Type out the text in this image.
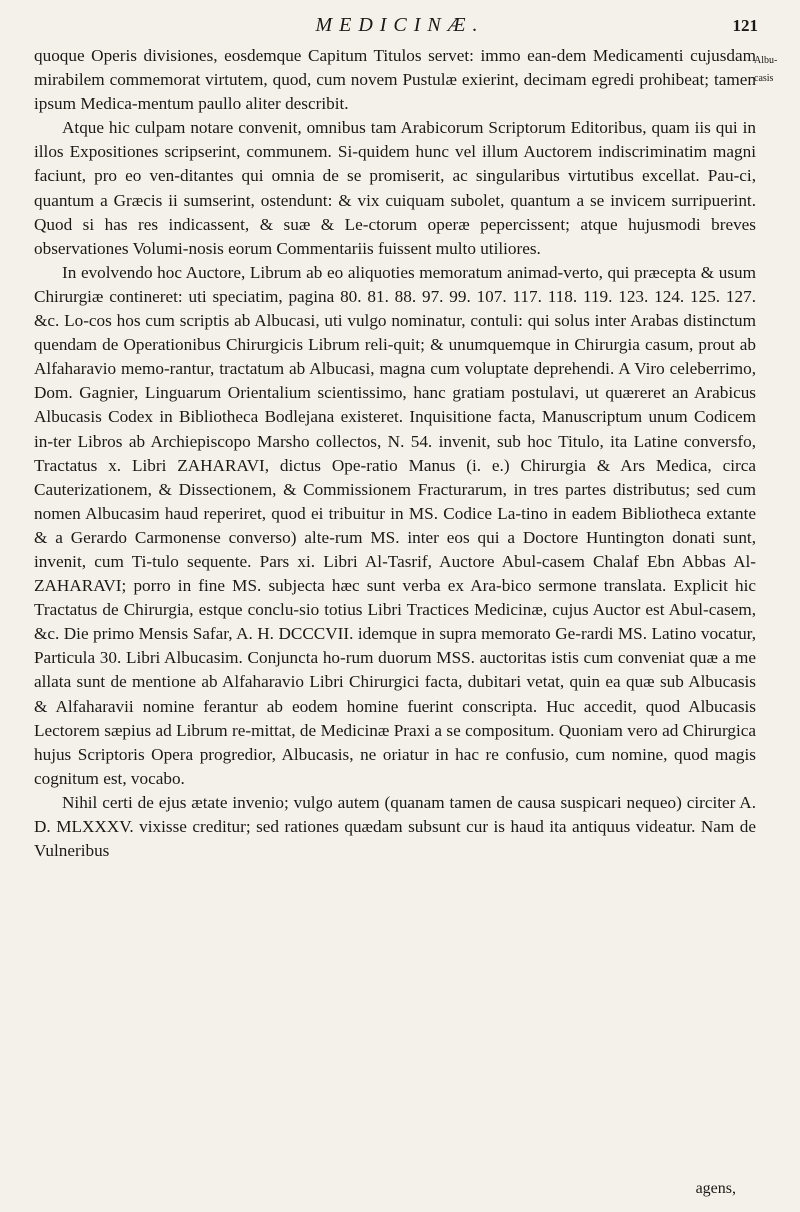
MEDICINÆ.	121
Albu-casis

quoque Operis divisiones, eosdemque Capitum Titulos servet: immo ean-dem Medicamenti cujusdam mirabilem commemorat virtutem, quod, cum novem Pustulæ exierint, decimam egredi prohibeat; tamen ipsum Medica-mentum paullo aliter describit.

Atque hic culpam notare convenit, omnibus tam Arabicorum Scriptorum Editoribus, quam iis qui in illos Expositiones scripserint, communem. Si-quidem hunc vel illum Auctorem indiscriminatim magni faciunt, pro eo ven-ditantes qui omnia de se promiserit, ac singularibus virtutibus excellat. Pau-ci, quantum a Græcis ii sumserint, ostendunt: & vix cuiquam subolet, quantum a se invicem surripuerint. Quod si has res indicassent, & suæ & Le-ctorum operæ pepercissent; atque hujusmodi breves observationes Volumi-nosis eorum Commentariis fuissent multo utiliores.

In evolvendo hoc Auctore, Librum ab eo aliquoties memoratum animad-verto, qui præcepta & usum Chirurgiæ contineret: uti speciatim, pagina 80. 81. 88. 97. 99. 107. 117. 118. 119. 123. 124. 125. 127. &c. Lo-cos hos cum scriptis ab Albucasi, uti vulgo nominatur, contuli: qui solus inter Arabas distinctum quendam de Operationibus Chirurgicis Librum reli-quit; & unumquemque in Chirurgia casum, prout ab Alfaharavio memo-rantur, tractatum ab Albucasi, magna cum voluptate deprehendi. A Viro celeberrimo, Dom. Gagnier, Linguarum Orientalium scientissimo, hanc gratiam postulavi, ut quæreret an Arabicus Albucasis Codex in Bibliotheca Bodlejana existeret. Inquisitione facta, Manuscriptum unum Codicem in-ter Libros ab Archiepiscopo Marsho collectos, N. 54. invenit, sub hoc Titulo, ita Latine conversfo, Tractatus x. Libri ZAHARAVI, dictus Ope-ratio Manus (i. e.) Chirurgia & Ars Medica, circa Cauterizationem, & Dissectionem, & Commissionem Fracturarum, in tres partes distributus; sed cum nomen Albucasim haud reperiret, quod ei tribuitur in MS. Codice La-tino in eadem Bibliotheca extante & a Gerardo Carmonense converso) alte-rum MS. inter eos qui a Doctore Huntington donati sunt, invenit, cum Ti-tulo sequente. Pars xi. Libri Al-Tasrif, Auctore Abul-casem Chalaf Ebn Abbas Al-ZAHARAVI; porro in fine MS. subjecta hæc sunt verba ex Ara-bico sermone translata. Explicit hic Tractatus de Chirurgia, estque conclu-sio totius Libri Tractices Medicinæ, cujus Auctor est Abul-casem, &c. Die primo Mensis Safar, A. H. DCCCVII. idemque in supra memorato Ge-rardi MS. Latino vocatur, Particula 30. Libri Albucasim. Conjuncta ho-rum duorum MSS. auctoritas istis cum conveniat quæ a me allata sunt de mentione ab Alfaharavio Libri Chirurgici facta, dubitari vetat, quin ea quæ sub Albucasis & Alfaharavii nomine ferantur ab eodem homine fuerint conscripta. Huc accedit, quod Albucasis Lectorem sæpius ad Librum re-mittat, de Medicinæ Praxi a se compositum. Quoniam vero ad Chirurgica hujus Scriptoris Opera progredior, Albucasis, ne oriatur in hac re confusio, cum nomine, quod magis cognitum est, vocabo.

Nihil certi de ejus ætate invenio; vulgo autem (quanam tamen de causa suspicari nequeo) circiter A. D. MLXXXV. vixisse creditur; sed rationes quædam subsunt cur is haud ita antiquus videatur. Nam de Vulneribus

agens,
